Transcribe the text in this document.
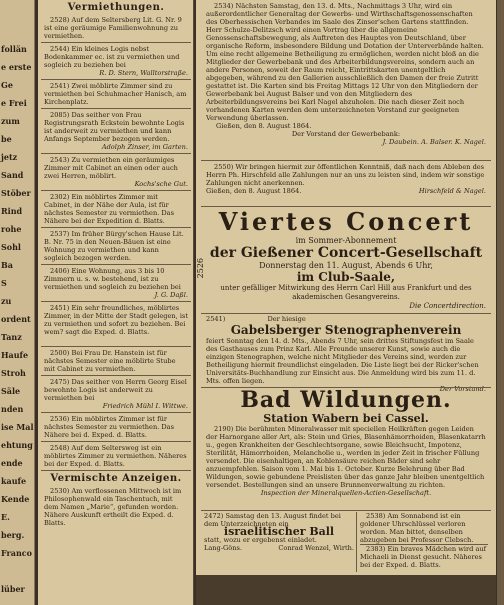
follän
e erste
Ge
e Frei
zum
be
jetz
Sand
Stöber
Rind
rohe
Sohl
Ba
S
zu
ordent
Tanz
Haufe
Stroh
Säle
nden
ise Mal
ehtung
ende
kaufe
Kende
E.
berg.
Franco
lüber
Vermiethungen.

2528) Auf dem Seltersberg Lit. G. Nr. 9 ist eine geräumige Familienwohnung zu vermiethen.

2544) Ein kleines Logis nebst Bodenkammer ec. ist zu vermiethen und sogleich zu beziehen bei

R. D. Stern, Walltorstraße.

2541) Zwei möblirte Zimmer sind zu vermiethen bei Schuhmacher Hanisch, am Kirchenplatz.

2085) Das seither von Frau Registrungsrath Eckstein bewohnte Logis ist anderweit zu vermiethen und kann Anfangs September bezogen werden.

Adolph Zinser, im Garten.

2543) Zu vermiethen ein geräumiges Zimmer mit Cabinet an einen oder auch zwei Herren, möblirt.

Kochs'sche Gut.

2302) Ein möblirtes Zimmer mit Cabinet, in der Nähe der Aula, ist für nächstes Semester zu vermiethen. Das Nähere bei der Expedition d. Blatts.

2537) Im früher Bürgy'schen Hause Lit. B. Nr. 75 in den Neuen-Bäuen ist eine Wohnung zu vermiethen und kann sogleich bezogen werden.

2406) Eine Wohnung, aus 3 bis 10 Zimmern u. s. w. bestehend, ist zu vermiethen und sogleich zu beziehen bei

J. G. Daßl.

2451) Ein sehr freundliches, möblirtes Zimmer, in der Mitte der Stadt gelegen, ist zu vermiethen und sofort zu beziehen. Bei wem? sagt die Exped. d. Blatts.

2500) Bei Frau Dr. Hanstein ist für nächstes Semester eine möblirte Stube mit Cabinet zu vermiethen.

2475) Das seither von Herrn Georg Eisel bewohnte Logis ist anderweit zu vermiethen bei

Friedrich Mühl I. Wittwe.

2536) Ein möblirtes Zimmer ist für nächstes Semester zu vermiethen. Das Nähere bei d. Exped. d. Blatts.

2548) Auf dem Seltersweg ist ein möblirtes Zimmer zu vermiethen. Näheres bei der Exped. d. Blatts.

Vermischte Anzeigen.

2530) Am verflossenen Mittwoch ist im Philosophenwald ein Taschentuch, mit dem Namen „Marie“, gefunden worden. Nähere Auskunft ertheilt die Exped. d. Blatts.

2526

2534) Nächsten Samstag, den 13. d. Mts., Nachmittags 3 Uhr, wird ein außerordentlicher Generaltag der Gewerbs- und Wirthschaftsgenossenschaften des Oberhessischen Verbandes im Saale des Zinser'schen Gartens stattfinden. Herr Schulze-Delitzsch wird einen Vortrag über die allgemeine Genossenschaftsbewegung, als Auftreten des Hauptes von Deutschland, über organische Reform, insbesondere Bildung und Dotation der Unterverbände halten. Um eine recht allgemeine Betheiligung zu ermöglichen, werden nicht bloß an die Mitglieder der Gewerbebank und des Arbeiterbildungsvereins, sondern auch an andere Personen, soweit der Raum reicht, Eintrittskarten unentgeltlich abgegeben, während zu den Gallerien ausschließlich den Damen der freie Zutritt gestattet ist. Die Karten sind bis Freitag Mittags 12 Uhr von den Mitgliedern der Gewerbebank bei August Balser und von den Mitgliedern des Arbeiterbildungsvereins bei Karl Nagel abzuholen. Die nach dieser Zeit noch vorhandenen Karten werden dem unterzeichneten Vorstand zur geeigneten Verwendung überlassen.

Gießen, den 8. August 1864.
Der Vorstand der Gewerbebank:
J. Daubein. A. Balser. K. Nagel.

2550) Wir bringen hiermit zur öffentlichen Kenntniß, daß nach dem Ableben des Herrn Ph. Hirschfeld alle Zahlungen nur an uns zu leisten sind, indem wir sonstige Zahlungen nicht anerkennen.

Gießen, den 8. August 1864.	Hirschfeld & Nagel.
Viertes Concert
im Sommer-Abonnement
der Gießener Concert-Gesellschaft
Donnerstag den 11. August, Abends 6 Uhr,
im Club-Saale,
unter gefälliger Mitwirkung des Herrn Carl Hill aus Frankfurt und des akademischen Gesangvereins.
Die Concertdirection.
2541)	Der hiesige
Gabelsberger Stenographenverein

feiert Sonntag den 14. d. Mts., Abends 7 Uhr, sein drittes Stiftungsfest im Saale des Gasthauses zum Prinz Karl. Alle Freunde unserer Kunst, sowie auch die einzigen Stenographen, welche nicht Mitglieder des Vereins sind, werden zur Betheiligung hiermit freundlichst eingeladen. Die Liste liegt bei der Ricker'schen Universitäts-Buchhandlung zur Einsicht aus. Die Anmeldung wird bis zum 11. d. Mts. offen liegen.

Der Vorstand.
Bad Wildungen.
Station Wabern bei Cassel.

2190) Die berühmten Mineralwasser mit speciellen Heilkräften gegen Leiden der Harnorgane aller Art, als: Stein und Gries, Blasenhämorrhoiden, Blasenkatarrh u., gegen Krankheiten der Geschlechtsorgane, sowie Bleichsucht, Impotenz, Sterilität, Hämorrhoiden, Melancholie u., werden in jeder Zeit in frischer Füllung versendet. Die eisenhaltigen, an Kohlensäure reichen Bäder sind sehr anzuempfehlen. Saison vom 1. Mai bis 1. October. Kurze Belehrung über Bad Wildungen, sowie gebundene Preislisten über das ganze Jahr bleiben unentgeltlich versendet. Bestellungen sind an unsere Brunnenverwaltung zu richten.

Inspection der Mineralquellen-Actien-Gesellschaft.
2472) Samstag den 13. August findet bei dem Unterzeichneten ein
israelitischer Ball
statt, wozu er ergebenst einladet.
Lang-Göns.	Conrad Wenzel, Wirth.

2538) Am Sonnabend ist ein goldener Uhrschlüssel verloren worden. Man bittet, denselben abzugeben bei Professor Clebsch.

2383) Ein braves Mädchen wird auf Michaeli in Dienst gesucht. Näheres bei der Exped. d. Blatts.
